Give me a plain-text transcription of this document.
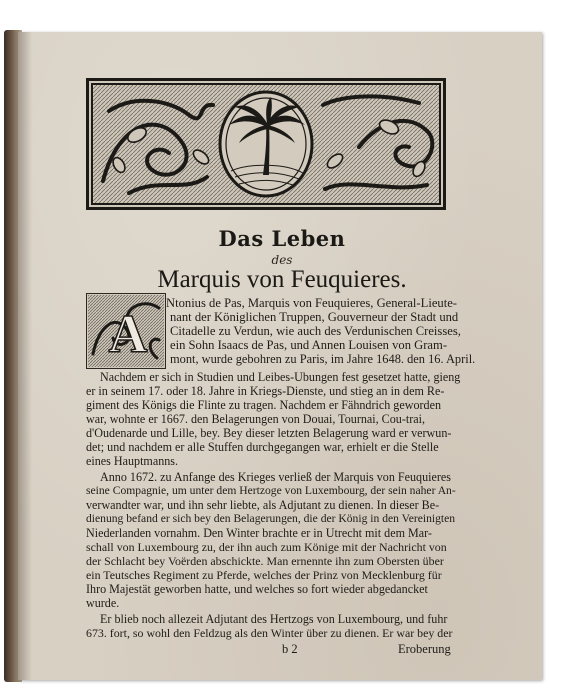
Das Leben
des
Marquis von Feuquieres.
A
Ntonius de Pas, Marquis von Feuquieres, General-Lieute-
nant der Königlichen Truppen, Gouverneur der Stadt und
Citadelle zu Verdun, wie auch des Verdunischen Creisses,
ein Sohn Isaacs de Pas, und Annen Louisen von Gram-
mont, wurde gebohren zu Paris, im Jahre 1648. den 16. April.
Nachdem er sich in Studien und Leibes-Ubungen fest gesetzet hatte, gieng
er in seinem 17. oder 18. Jahre in Kriegs-Dienste, und stieg an in dem Re-
giment des Königs die Flinte zu tragen. Nachdem er Fähndrich geworden
war, wohnte er 1667. den Belagerungen von Douai, Tournai, Cou-trai,
d'Oudenarde und Lille, bey. Bey dieser letzten Belagerung ward er verwun-
det; und nachdem er alle Stuffen durchgegangen war, erhielt er die Stelle
eines Hauptmanns.
Anno 1672. zu Anfange des Krieges verließ der Marquis von Feuquieres
seine Compagnie, um unter dem Hertzoge von Luxembourg, der sein naher An-
verwandter war, und ihn sehr liebte, als Adjutant zu dienen. In dieser Be-
dienung befand er sich bey den Belagerungen, die der König in den Vereinigten
Niederlanden vornahm. Den Winter brachte er in Utrecht mit dem Mar-
schall von Luxembourg zu, der ihn auch zum Könige mit der Nachricht von
der Schlacht bey Voërden abschickte. Man ernennte ihn zum Obersten über
ein Teutsches Regiment zu Pferde, welches der Prinz von Mecklenburg für
Ihro Majestät geworben hatte, und welches so fort wieder abgedancket
wurde.
Er blieb noch allezeit Adjutant des Hertzogs von Luxembourg, und fuhr
673. fort, so wohl den Feldzug als den Winter über zu dienen. Er war bey der
b 2	Eroberung
